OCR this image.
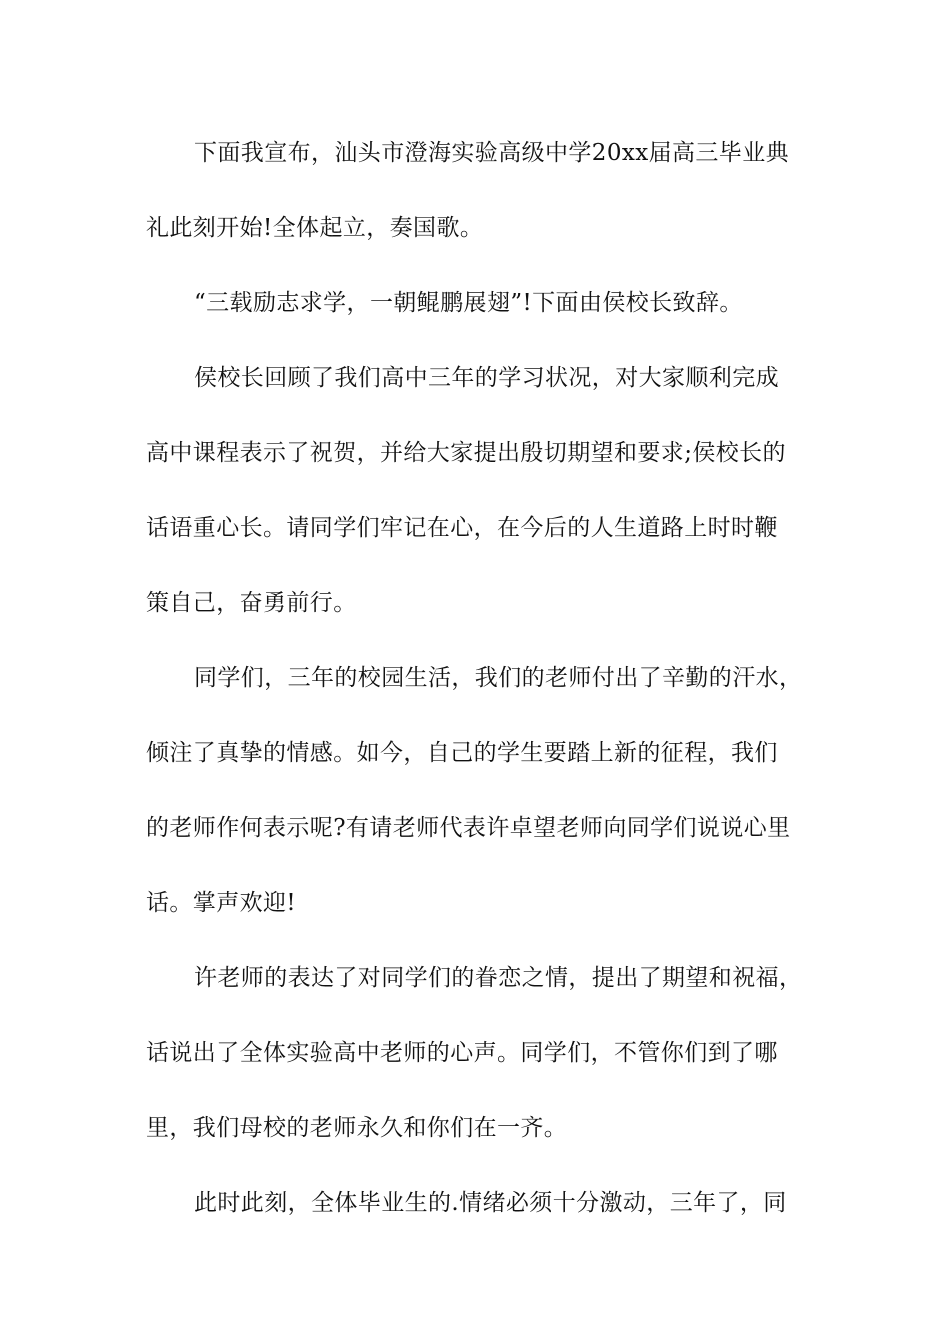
下面我宣布，汕头市澄海实验高级中学20xx届高三毕业典
礼此刻开始!全体起立，奏国歌。
“三载励志求学，一朝鲲鹏展翅”!下面由侯校长致辞。
侯校长回顾了我们高中三年的学习状况，对大家顺利完成
高中课程表示了祝贺，并给大家提出殷切期望和要求;侯校长的
话语重心长。请同学们牢记在心，在今后的人生道路上时时鞭
策自己，奋勇前行。
同学们，三年的校园生活，我们的老师付出了辛勤的汗水，
倾注了真挚的情感。如今，自己的学生要踏上新的征程，我们
的老师作何表示呢?有请老师代表许卓望老师向同学们说说心里
话。掌声欢迎!
许老师的表达了对同学们的眷恋之情，提出了期望和祝福，
话说出了全体实验高中老师的心声。同学们，不管你们到了哪
里，我们母校的老师永久和你们在一齐。
此时此刻，全体毕业生的.情绪必须十分激动，三年了，同
